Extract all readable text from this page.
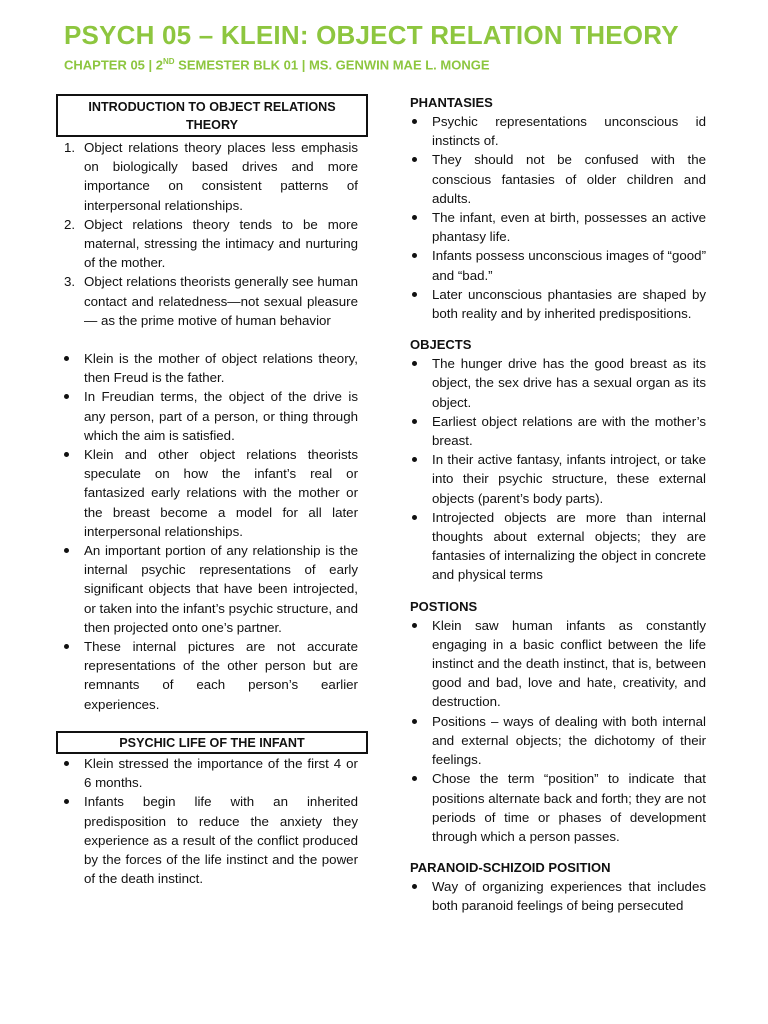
PSYCH 05 – KLEIN: OBJECT RELATION THEORY
CHAPTER 05 | 2ND SEMESTER BLK 01 | MS. GENWIN MAE L. MONGE
INTRODUCTION TO OBJECT RELATIONS THEORY
1. Object relations theory places less emphasis on biologically based drives and more importance on consistent patterns of interpersonal relationships.
2. Object relations theory tends to be more maternal, stressing the intimacy and nurturing of the mother.
3. Object relations theorists generally see human contact and relatedness—not sexual pleasure— as the prime motive of human behavior
Klein is the mother of object relations theory, then Freud is the father.
In Freudian terms, the object of the drive is any person, part of a person, or thing through which the aim is satisfied.
Klein and other object relations theorists speculate on how the infant’s real or fantasized early relations with the mother or the breast become a model for all later interpersonal relationships.
An important portion of any relationship is the internal psychic representations of early significant objects that have been introjected, or taken into the infant’s psychic structure, and then projected onto one’s partner.
These internal pictures are not accurate representations of the other person but are remnants of each person’s earlier experiences.
PSYCHIC LIFE OF THE INFANT
Klein stressed the importance of the first 4 or 6 months.
Infants begin life with an inherited predisposition to reduce the anxiety they experience as a result of the conflict produced by the forces of the life instinct and the power of the death instinct.
PHANTASIES
Psychic representations unconscious id instincts of.
They should not be confused with the conscious fantasies of older children and adults.
The infant, even at birth, possesses an active phantasy life.
Infants possess unconscious images of “good” and “bad.”
Later unconscious phantasies are shaped by both reality and by inherited predispositions.
OBJECTS
The hunger drive has the good breast as its object, the sex drive has a sexual organ as its object.
Earliest object relations are with the mother’s breast.
In their active fantasy, infants introject, or take into their psychic structure, these external objects (parent’s body parts).
Introjected objects are more than internal thoughts about external objects; they are fantasies of internalizing the object in concrete and physical terms
POSTIONS
Klein saw human infants as constantly engaging in a basic conflict between the life instinct and the death instinct, that is, between good and bad, love and hate, creativity, and destruction.
Positions – ways of dealing with both internal and external objects; the dichotomy of their feelings.
Chose the term “position” to indicate that positions alternate back and forth; they are not periods of time or phases of development through which a person passes.
PARANOID-SCHIZOID POSITION
Way of organizing experiences that includes both paranoid feelings of being persecuted
